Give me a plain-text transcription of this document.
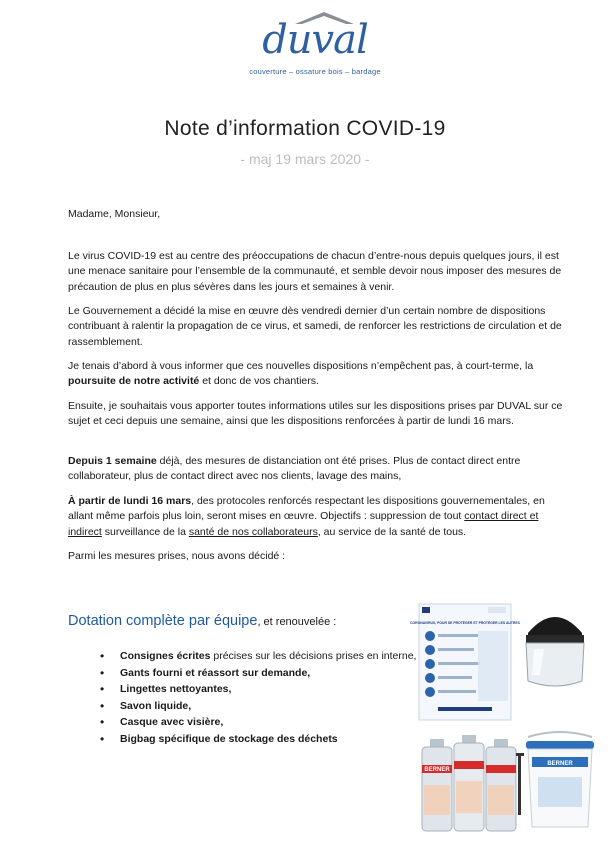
duval
couverture – ossature bois – bardage
Note d’information COVID-19
- maj 19 mars 2020 -
Madame, Monsieur,

Le virus COVID-19 est au centre des préoccupations de chacun d’entre-nous depuis quelques jours, il est une menace sanitaire pour l’ensemble de la communauté, et semble devoir nous imposer des mesures de précaution de plus en plus sévères dans les jours et semaines à venir.

Le Gouvernement a décidé la mise en œuvre dès vendredi dernier d’un certain nombre de dispositions contribuant à ralentir la propagation de ce virus, et samedi, de renforcer les restrictions de circulation et de rassemblement.

Je tenais d’abord à vous informer que ces nouvelles dispositions n’empêchent pas, à court-terme, la poursuite de notre activité et donc de vos chantiers.

Ensuite, je souhaitais vous apporter toutes informations utiles sur les dispositions prises par DUVAL sur ce sujet et ceci depuis une semaine, ainsi que les dispositions renforcées à partir de lundi 16 mars.

Depuis 1 semaine déjà, des mesures de distanciation ont été prises. Plus de contact direct entre collaborateur, plus de contact direct avec nos clients, lavage des mains,

À partir de lundi 16 mars, des protocoles renforcés respectant les dispositions gouvernementales, en allant même parfois plus loin, seront mises en œuvre. Objectifs : suppression de tout contact direct et indirect surveillance de la santé de nos collaborateurs, au service de la santé de tous.

Parmi les mesures prises, nous avons décidé :

Dotation complète par équipe, et renouvelée :
• Consignes écrites précises sur les décisions prises en interne,
• Gants fourni et réassort sur demande,
• Lingettes nettoyantes,
• Savon liquide,
• Casque avec visière,
• Bigbag spécifique de stockage des déchets
CORONAVIRUS, POUR SE PROTÉGER ET PROTÉGER LES AUTRES
BERNER
BERNER
